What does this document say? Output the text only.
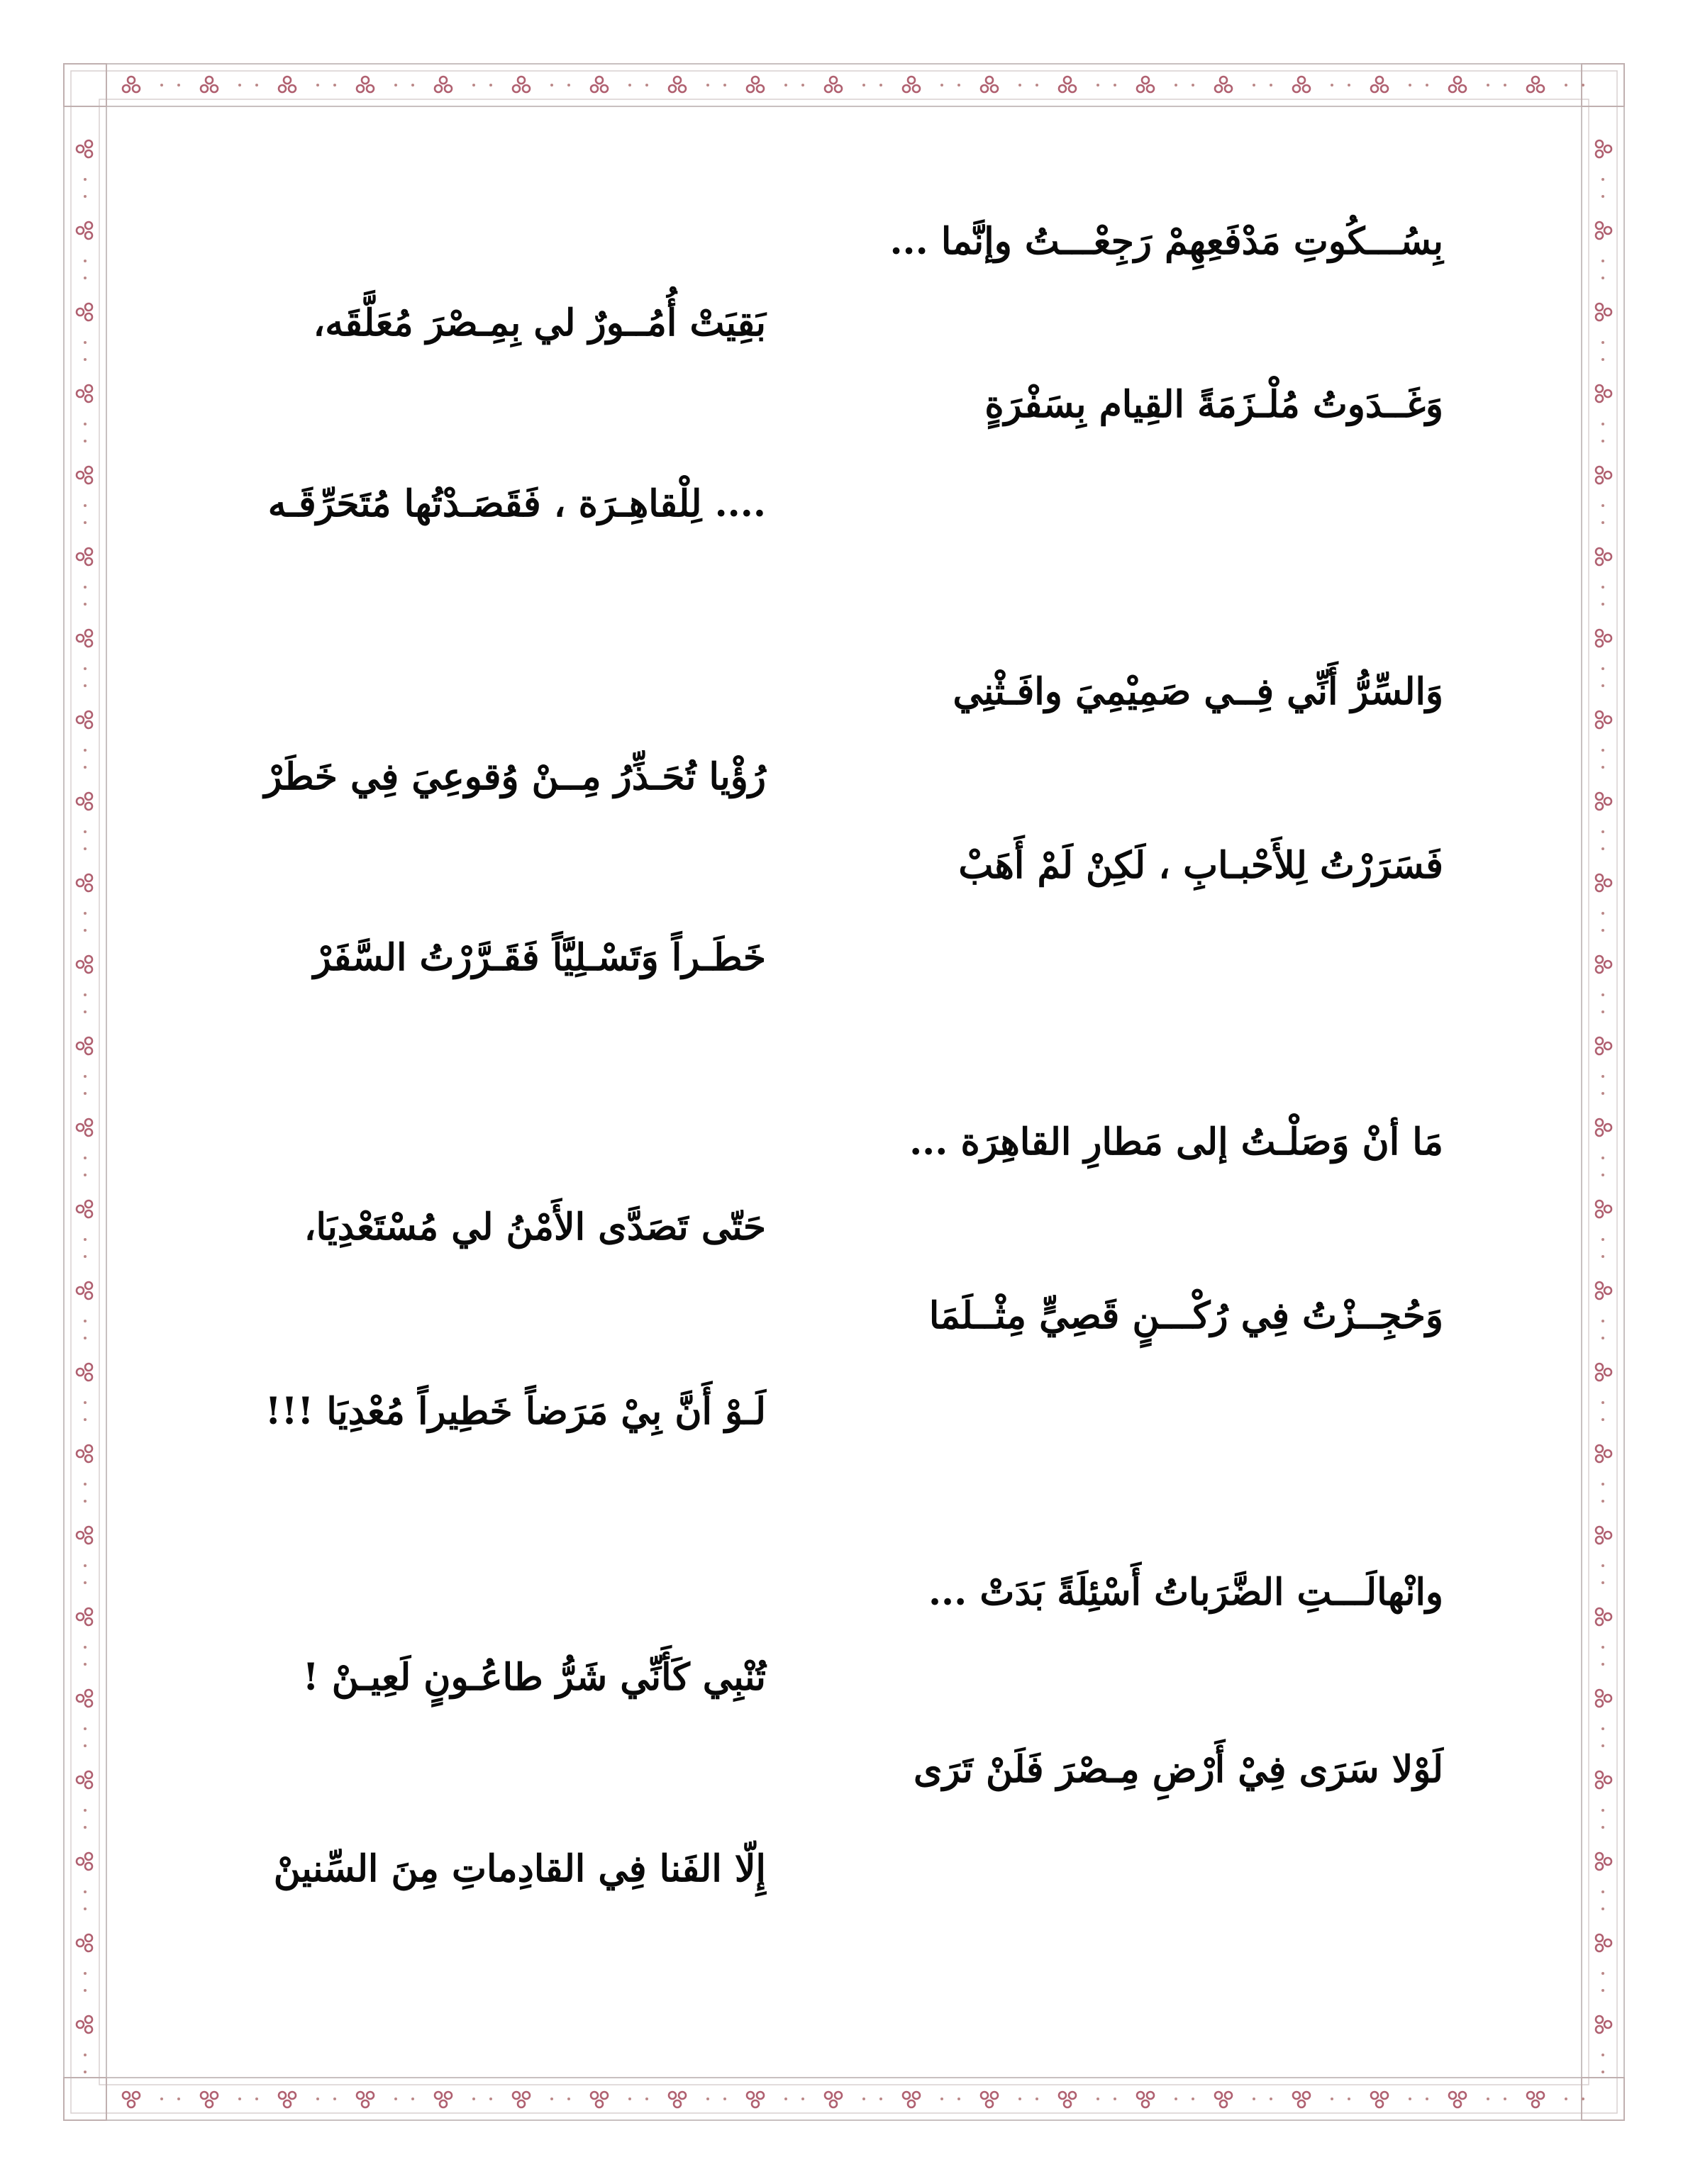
بِسُـــكُوتِ مَدْفَعِهِمْ رَجِعْـــتُ وإنَّما ...
بَقِيَتْ أُمُــورٌ لي بِمِـصْرَ مُعَلَّقَه،
وَغَــدَوتُ مُلْـزَمَةً القِيام بِسَفْرَةٍ
.... لِلْقاهِـرَة ، فَقَصَـدْتُها مُتَحَرِّقَـه
وَالسِّرُّ أَنِّي فِــي صَمِيْمِيَ وافَـثْنِي
رُؤْيا تُحَـذِّرُ مِــنْ وُقوعِيَ فِي خَطَرْ
فَسَرَرْتُ لِلأَحْبـابِ ، لَكِنْ لَمْ أَهَبْ
خَطَـراً وَتَسْـلِيَّاً فَقَـرَّرْتُ السَّفَرْ
مَا أنْ وَصَلْـتُ إلى مَطارِ القاهِرَة ...
حَتّى تَصَدَّى الأَمْنُ لي مُسْتَعْدِيَا،
وَحُجِــزْتُ فِي رُكْـــنٍ قَصِيٍّ مِثْــلَمَا
لَـوْ أَنَّ بِيْ مَرَضاً خَطِيراً مُعْدِيَا !!!
وانْهالَـــتِ الضَّرَباتُ أَسْئِلَةً بَدَتْ ...
تُنْبِي كَأَنِّي شَرُّ طاعُـونٍ لَعِيـنْ !
لَوْلا سَرَى فِيْ أَرْضِ مِـصْرَ فَلَنْ تَرَى
إِلّا الفَنا فِي القادِماتِ مِنَ السِّنينْ
